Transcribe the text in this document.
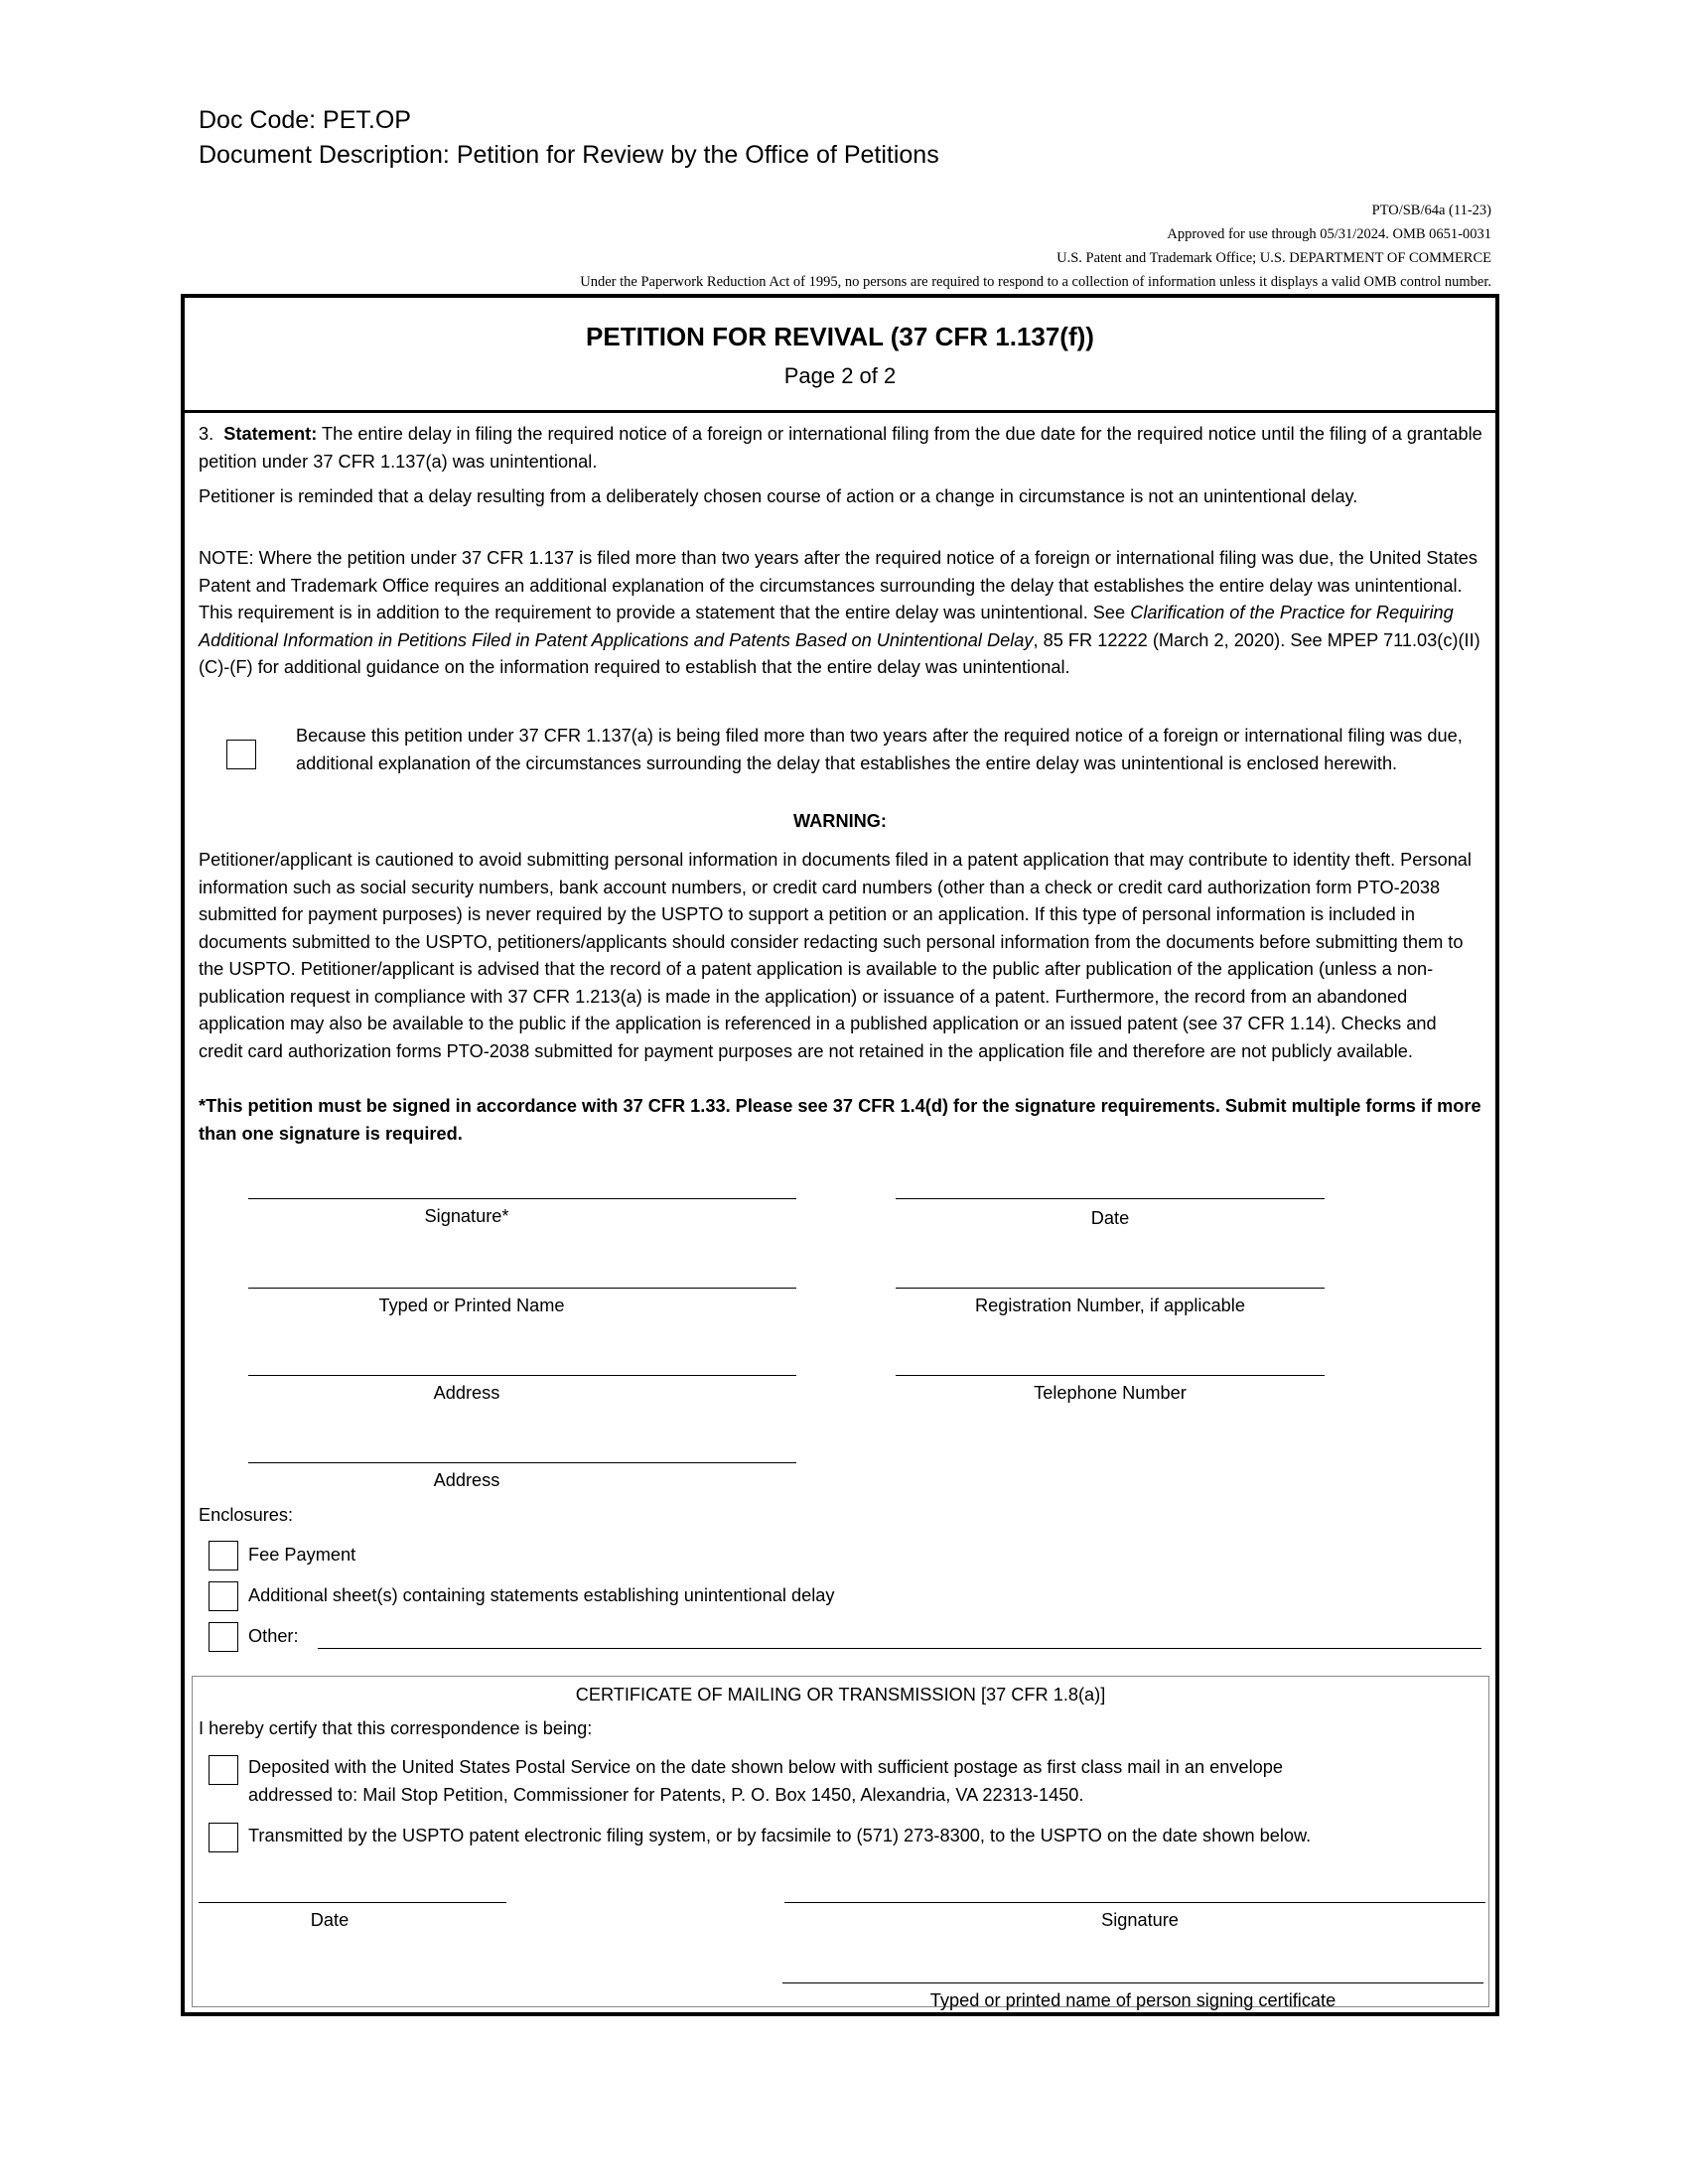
Doc Code: PET.OP
Document Description: Petition for Review by the Office of Petitions
PTO/SB/64a (11-23)
Approved for use through 05/31/2024. OMB 0651-0031
U.S. Patent and Trademark Office; U.S. DEPARTMENT OF COMMERCE
Under the Paperwork Reduction Act of 1995, no persons are required to respond to a collection of information unless it displays a valid OMB control number.
PETITION FOR REVIVAL (37 CFR 1.137(f))
Page 2 of 2
3. Statement: The entire delay in filing the required notice of a foreign or international filing from the due date for the required notice until the filing of a grantable petition under 37 CFR 1.137(a) was unintentional.
Petitioner is reminded that a delay resulting from a deliberately chosen course of action or a change in circumstance is not an unintentional delay.
NOTE: Where the petition under 37 CFR 1.137 is filed more than two years after the required notice of a foreign or international filing was due, the United States Patent and Trademark Office requires an additional explanation of the circumstances surrounding the delay that establishes the entire delay was unintentional. This requirement is in addition to the requirement to provide a statement that the entire delay was unintentional. See Clarification of the Practice for Requiring Additional Information in Petitions Filed in Patent Applications and Patents Based on Unintentional Delay, 85 FR 12222 (March 2, 2020). See MPEP 711.03(c)(II)(C)-(F) for additional guidance on the information required to establish that the entire delay was unintentional.
Because this petition under 37 CFR 1.137(a) is being filed more than two years after the required notice of a foreign or international filing was due, additional explanation of the circumstances surrounding the delay that establishes the entire delay was unintentional is enclosed herewith.
WARNING:
Petitioner/applicant is cautioned to avoid submitting personal information in documents filed in a patent application that may contribute to identity theft. Personal information such as social security numbers, bank account numbers, or credit card numbers (other than a check or credit card authorization form PTO-2038 submitted for payment purposes) is never required by the USPTO to support a petition or an application. If this type of personal information is included in documents submitted to the USPTO, petitioners/applicants should consider redacting such personal information from the documents before submitting them to the USPTO. Petitioner/applicant is advised that the record of a patent application is available to the public after publication of the application (unless a non-publication request in compliance with 37 CFR 1.213(a) is made in the application) or issuance of a patent. Furthermore, the record from an abandoned application may also be available to the public if the application is referenced in a published application or an issued patent (see 37 CFR 1.14). Checks and credit card authorization forms PTO-2038 submitted for payment purposes are not retained in the application file and therefore are not publicly available.
*This petition must be signed in accordance with 37 CFR 1.33. Please see 37 CFR 1.4(d) for the signature requirements. Submit multiple forms if more than one signature is required.
Signature*	Date
Typed or Printed Name	Registration Number, if applicable
Address	Telephone Number
Address
Enclosures:
Fee Payment
Additional sheet(s) containing statements establishing unintentional delay
Other:
CERTIFICATE OF MAILING OR TRANSMISSION [37 CFR 1.8(a)]
I hereby certify that this correspondence is being:
Deposited with the United States Postal Service on the date shown below with sufficient postage as first class mail in an envelope
addressed to: Mail Stop Petition, Commissioner for Patents, P. O. Box 1450, Alexandria, VA 22313-1450.
Transmitted by the USPTO patent electronic filing system, or by facsimile to (571) 273-8300, to the USPTO on the date shown below.
Date	Signature
Typed or printed name of person signing certificate
